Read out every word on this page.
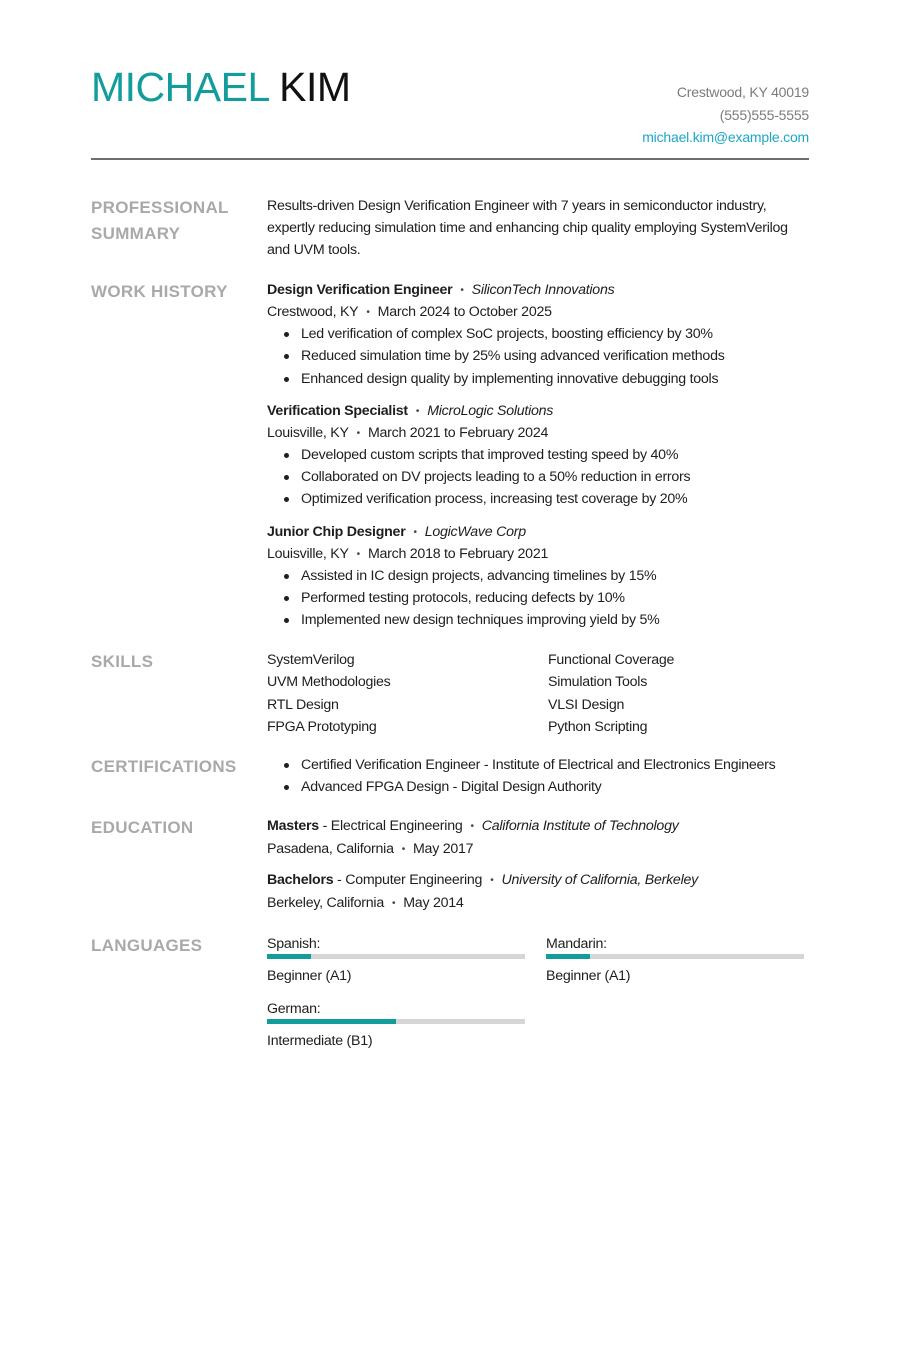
MICHAEL KIM	Crestwood, KY 40019
(555)555-5555
michael.kim@example.com
PROFESSIONAL SUMMARY
Results-driven Design Verification Engineer with 7 years in semiconductor industry, expertly reducing simulation time and enhancing chip quality employing SystemVerilog and UVM tools.
WORK HISTORY	Design Verification Engineer • SiliconTech Innovations
Crestwood, KY • March 2024 to October 2025
Led verification of complex SoC projects, boosting efficiency by 30%
Reduced simulation time by 25% using advanced verification methods
Enhanced design quality by implementing innovative debugging tools
Verification Specialist • MicroLogic Solutions
Louisville, KY • March 2021 to February 2024
Developed custom scripts that improved testing speed by 40%
Collaborated on DV projects leading to a 50% reduction in errors
Optimized verification process, increasing test coverage by 20%
Junior Chip Designer • LogicWave Corp
Louisville, KY • March 2018 to February 2021
Assisted in IC design projects, advancing timelines by 15%
Performed testing protocols, reducing defects by 10%
Implemented new design techniques improving yield by 5%
SKILLS	SystemVerilog	Functional Coverage
UVM Methodologies	Simulation Tools
RTL Design	VLSI Design
FPGA Prototyping	Python Scripting
CERTIFICATIONS	Certified Verification Engineer - Institute of Electrical and Electronics Engineers
Advanced FPGA Design - Digital Design Authority
EDUCATION	Masters - Electrical Engineering • California Institute of Technology
Pasadena, California • May 2017
Bachelors - Computer Engineering • University of California, Berkeley
Berkeley, California • May 2014
LANGUAGES	Spanish:
Beginner (A1)
Mandarin:
Beginner (A1)
German:
Intermediate (B1)
